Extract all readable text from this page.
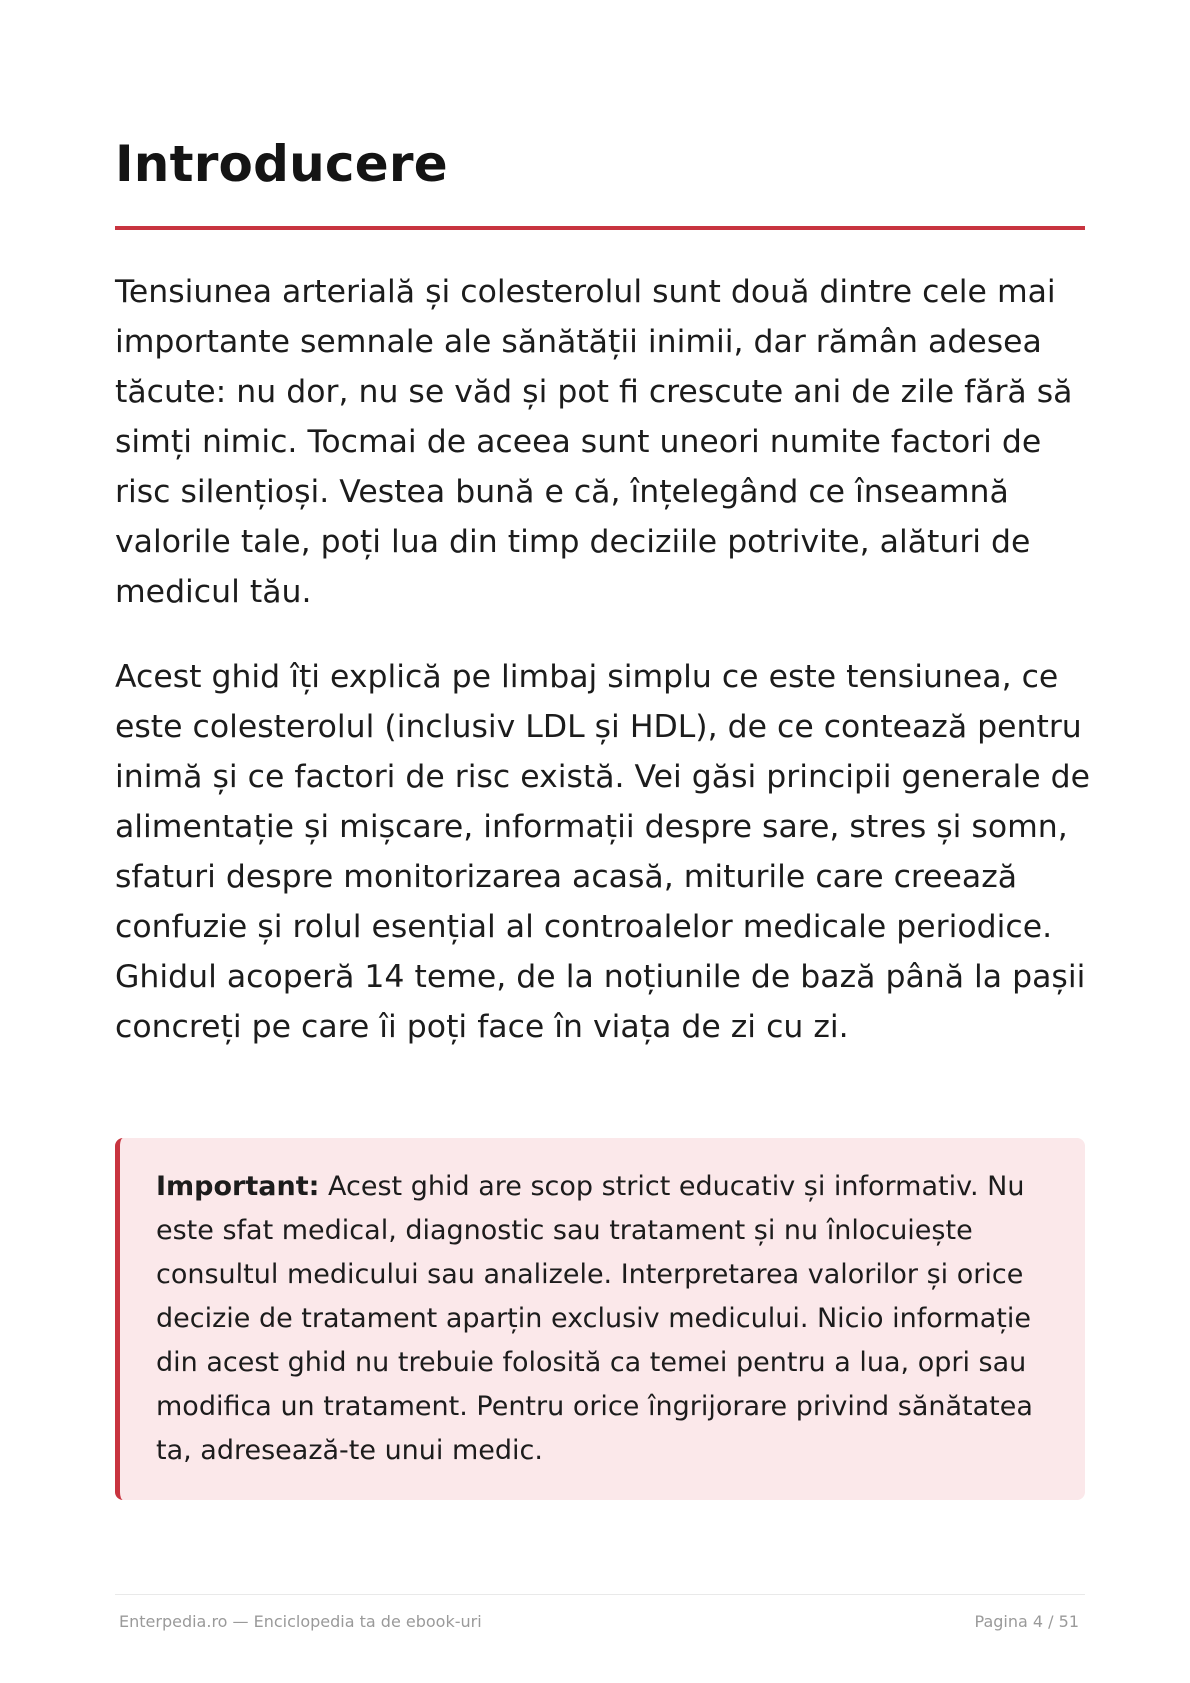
Introducere

Tensiunea arterială și colesterolul sunt două dintre cele mai importante semnale ale sănătății inimii, dar rămân adesea tăcute: nu dor, nu se văd și pot fi crescute ani de zile fără să simți nimic. Tocmai de aceea sunt uneori numite factori de risc silențioși. Vestea bună e că, înțelegând ce înseamnă valorile tale, poți lua din timp deciziile potrivite, alături de medicul tău.

Acest ghid îți explică pe limbaj simplu ce este tensiunea, ce este colesterolul (inclusiv LDL și HDL), de ce contează pentru inimă și ce factori de risc există. Vei găsi principii generale de alimentație și mișcare, informații despre sare, stres și somn, sfaturi despre monitorizarea acasă, miturile care creează confuzie și rolul esențial al controalelor medicale periodice. Ghidul acoperă 14 teme, de la noțiunile de bază până la pașii concreți pe care îi poți face în viața de zi cu zi.

Important: Acest ghid are scop strict educativ și informativ. Nu este sfat medical, diagnostic sau tratament și nu înlocuiește consultul medicului sau analizele. Interpretarea valorilor și orice decizie de tratament aparțin exclusiv medicului. Nicio informație din acest ghid nu trebuie folosită ca temei pentru a lua, opri sau modifica un tratament. Pentru orice îngrijorare privind sănătatea ta, adresează-te unui medic.

Enterpedia.ro — Enciclopedia ta de ebook-uri	Pagina 4 / 51
